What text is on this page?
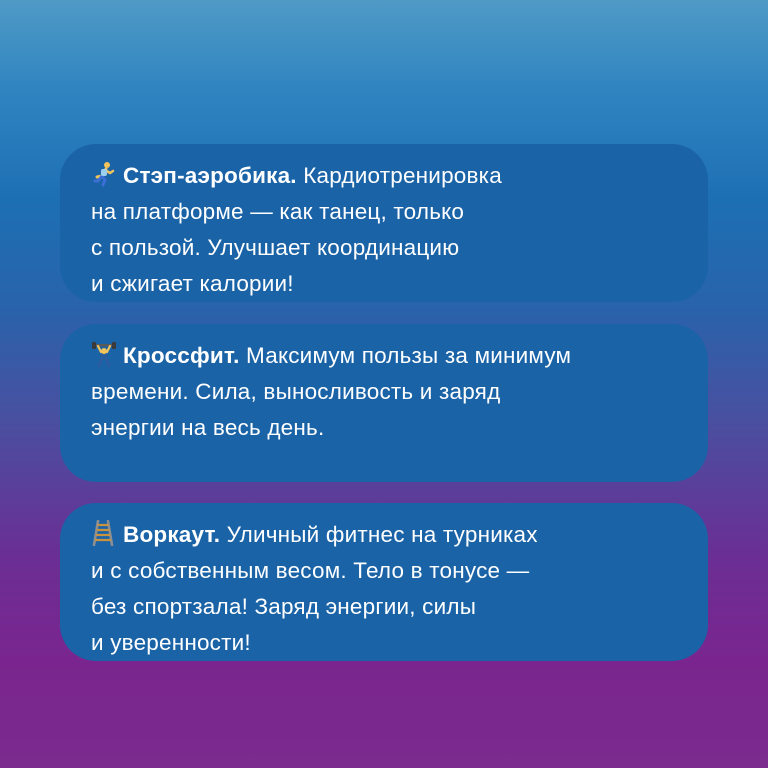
Стэп-аэробика. Кардиотренировка
на платформе — как танец, только
с пользой. Улучшает координацию
и сжигает калории!

Кроссфит. Максимум пользы за минимум
времени. Сила, выносливость и заряд
энергии на весь день.

Воркаут. Уличный фитнес на турниках
и с собственным весом. Тело в тонусе —
без спортзала! Заряд энергии, силы
и уверенности!
